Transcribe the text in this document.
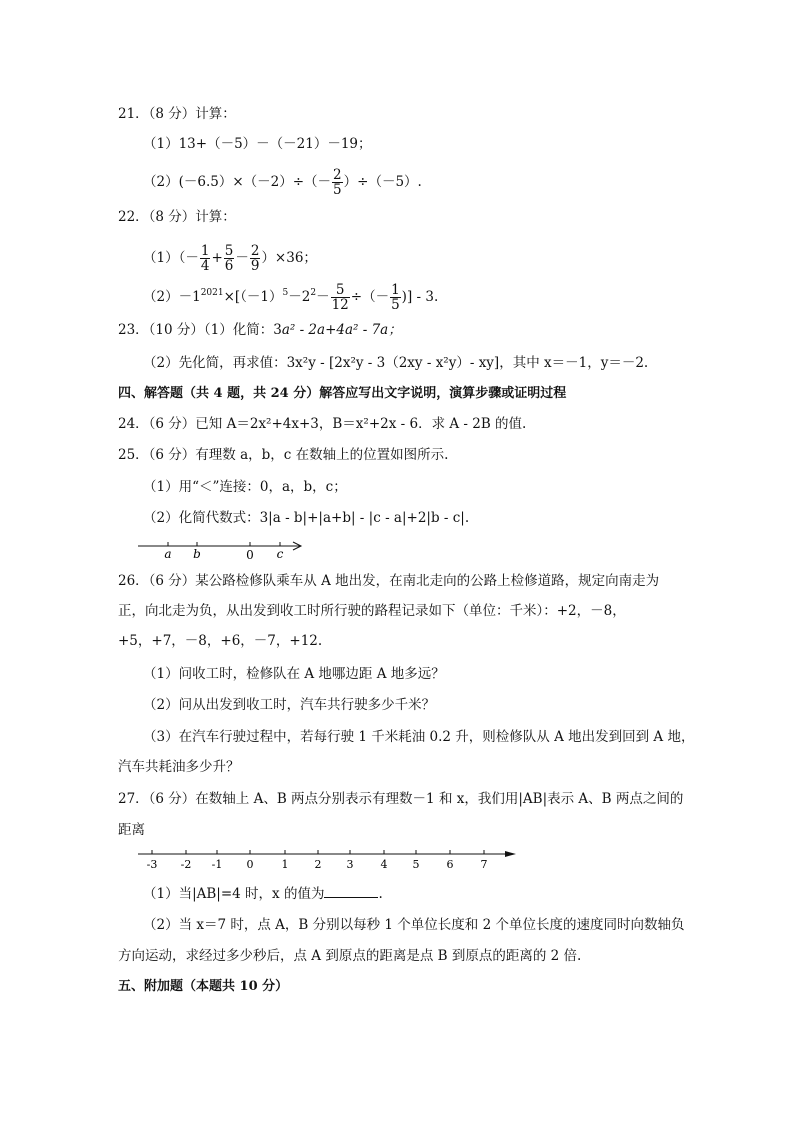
21．（8 分）计算：
（1）13+（－5）－（－21）－19；
$(2)(-6.5)\times(-2)\div(- \frac{2}{5} )\div(-5)$.
22．（8 分）计算：
$(1)(- \frac{1}{4} + \frac{5}{6} - \frac{2}{9} )\times 36$；
$(2)-1^{2021}\times[(-1)^5-2^2- \frac{5}{12}$ ÷（－ $\frac{1}{5}$ )] - 3.
23．（10 分）（1）化简：3a² - 2a+4a² - 7a；
（2）先化简，再求值：3x²y - [2x²y - 3（2xy - x²y）- xy]，其中 x＝－1，y＝－2.
四、解答题（共 4 题，共 24 分）解答应写出文字说明，演算步骤或证明过程
24．（6 分）已知 A＝2x²+4x+3，B＝x²+2x - 6．求 A - 2B 的值.
25．（6 分）有理数 a，b，c 在数轴上的位置如图所示.
（1）用“＜”连接：0，a，b，c；
（2）化简代数式：3|a - b|+|a+b| - |c - a|+2|b - c|.
a b	0 c
26．（6 分）某公路检修队乘车从 A 地出发，在南北走向的公路上检修道路，规定向南走为
正，向北走为负，从出发到收工时所行驶的路程记录如下（单位：千米）：+2，－8，
+5，+7，－8，+6，－7，+12.
（1）问收工时，检修队在 A 地哪边距 A 地多远？
（2）问从出发到收工时，汽车共行驶多少千米？
（3）在汽车行驶过程中，若每行驶 1 千米耗油 0.2 升，则检修队从 A 地出发到回到 A 地，
汽车共耗油多少升？
27．（6 分）在数轴上 A、B 两点分别表示有理数－1 和 x，我们用|AB|表示 A、B 两点之间的
距离
-3 -2 -1 0	1 2 3 4 5 6 7
（1）当|AB|=4 时，x 的值为	.
（2）当 x＝7 时，点 A，B 分别以每秒 1 个单位长度和 2 个单位长度的速度同时向数轴负
方向运动，求经过多少秒后，点 A 到原点的距离是点 B 到原点的距离的 2 倍.
五、附加题（本题共 10 分）
